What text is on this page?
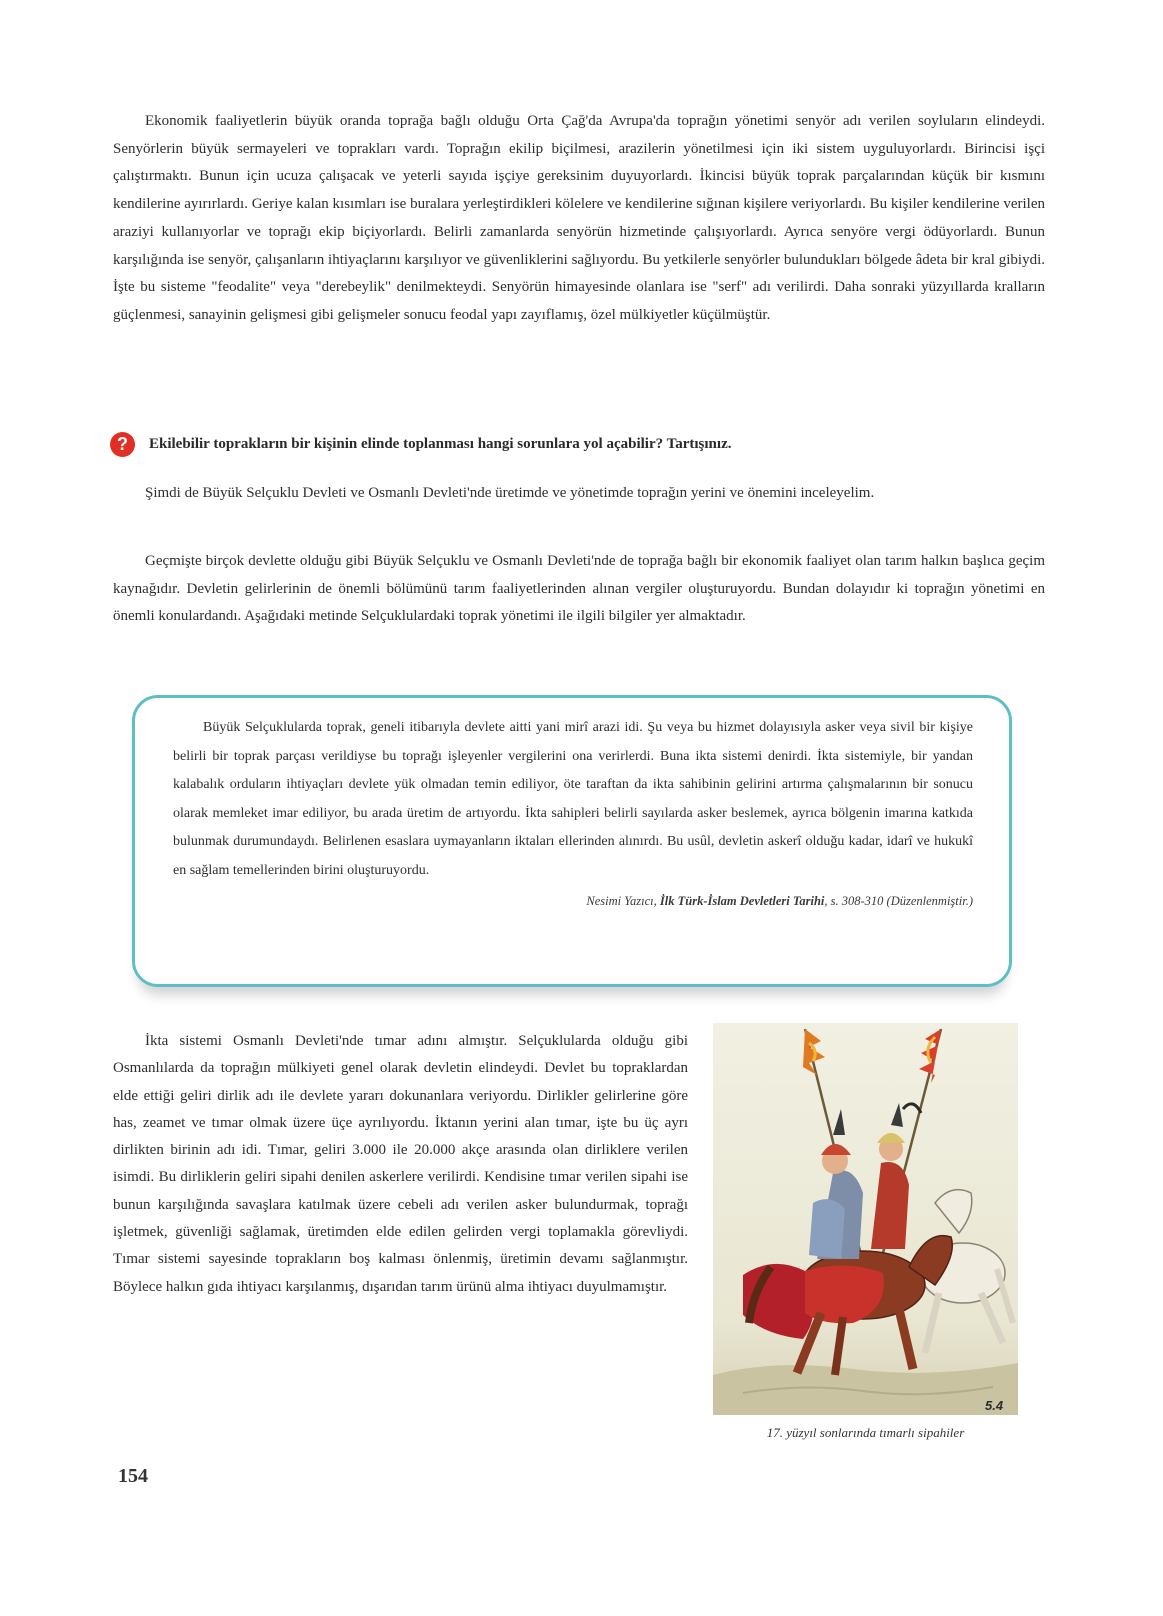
Ekonomik faaliyetlerin büyük oranda toprağa bağlı olduğu Orta Çağ'da Avrupa'da toprağın yönetimi senyör adı verilen soyluların elindeydi. Senyörlerin büyük sermayeleri ve toprakları vardı. Toprağın ekilip biçilmesi, arazilerin yönetilmesi için iki sistem uyguluyorlardı. Birincisi işçi çalıştırmaktı. Bunun için ucuza çalışacak ve yeterli sayıda işçiye gereksinim duyuyorlardı. İkincisi büyük toprak parçalarından küçük bir kısmını kendilerine ayırırlardı. Geriye kalan kısımları ise buralara yerleştirdikleri kölelere ve kendilerine sığınan kişilere veriyorlardı. Bu kişiler kendilerine verilen araziyi kullanıyorlar ve toprağı ekip biçiyorlardı. Belirli zamanlarda senyörün hizmetinde çalışıyorlardı. Ayrıca senyöre vergi ödüyorlardı. Bunun karşılığında ise senyör, çalışanların ihtiyaçlarını karşılıyor ve güvenliklerini sağlıyordu. Bu yetkilerle senyörler bulundukları bölgede âdeta bir kral gibiydi. İşte bu sisteme "feodalite" veya "derebeylik" denilmekteydi. Senyörün himayesinde olanlara ise "serf" adı verilirdi. Daha sonraki yüzyıllarda kralların güçlenmesi, sanayinin gelişmesi gibi gelişmeler sonucu feodal yapı zayıflamış, özel mülkiyetler küçülmüştür.

?	Ekilebilir toprakların bir kişinin elinde toplanması hangi sorunlara yol açabilir? Tartışınız.

Şimdi de Büyük Selçuklu Devleti ve Osmanlı Devleti'nde üretimde ve yönetimde toprağın yerini ve önemini inceleyelim.

Geçmişte birçok devlette olduğu gibi Büyük Selçuklu ve Osmanlı Devleti'nde de toprağa bağlı bir ekonomik faaliyet olan tarım halkın başlıca geçim kaynağıdır. Devletin gelirlerinin de önemli bölümünü tarım faaliyetlerinden alınan vergiler oluşturuyordu. Bundan dolayıdır ki toprağın yönetimi en önemli konulardandı. Aşağıdaki metinde Selçuklulardaki toprak yönetimi ile ilgili bilgiler yer almaktadır.

Büyük Selçuklularda toprak, geneli itibarıyla devlete aitti yani mirî arazi idi. Şu veya bu hizmet dolayısıyla asker veya sivil bir kişiye belirli bir toprak parçası verildiyse bu toprağı işleyenler vergilerini ona verirlerdi. Buna ikta sistemi denirdi. İkta sistemiyle, bir yandan kalabalık orduların ihtiyaçları devlete yük olmadan temin ediliyor, öte taraftan da ikta sahibinin gelirini artırma çalışmalarının bir sonucu olarak memleket imar ediliyor, bu arada üretim de artıyordu. İkta sahipleri belirli sayılarda asker beslemek, ayrıca bölgenin imarına katkıda bulunmak durumundaydı. Belirlenen esaslara uymayanların iktaları ellerinden alınırdı. Bu usûl, devletin askerî olduğu kadar, idarî ve hukukî en sağlam temellerinden birini oluşturuyordu.

Nesimi Yazıcı, İlk Türk-İslam Devletleri Tarihi, s. 308-310 (Düzenlenmiştir.)

İkta sistemi Osmanlı Devleti'nde tımar adını almıştır. Selçuklularda olduğu gibi Osmanlılarda da toprağın mülkiyeti genel olarak devletin elindeydi. Devlet bu topraklardan elde ettiği geliri dirlik adı ile devlete yararı dokunanlara veriyordu. Dirlikler gelirlerine göre has, zeamet ve tımar olmak üzere üçe ayrılıyordu. İktanın yerini alan tımar, işte bu üç ayrı dirlikten birinin adı idi. Tımar, geliri 3.000 ile 20.000 akçe arasında olan dirliklere verilen isimdi. Bu dirliklerin geliri sipahi denilen askerlere verilirdi. Kendisine tımar verilen sipahi ise bunun karşılığında savaşlara katılmak üzere cebeli adı verilen asker bulundurmak, toprağı işletmek, güvenliği sağlamak, üretimden elde edilen gelirden vergi toplamakla görevliydi. Tımar sistemi sayesinde toprakların boş kalması önlenmiş, üretimin devamı sağlanmıştır. Böylece halkın gıda ihtiyacı karşılanmış, dışarıdan tarım ürünü alma ihtiyacı duyulmamıştır.

5.4
17. yüzyıl sonlarında tımarlı sipahiler
154
